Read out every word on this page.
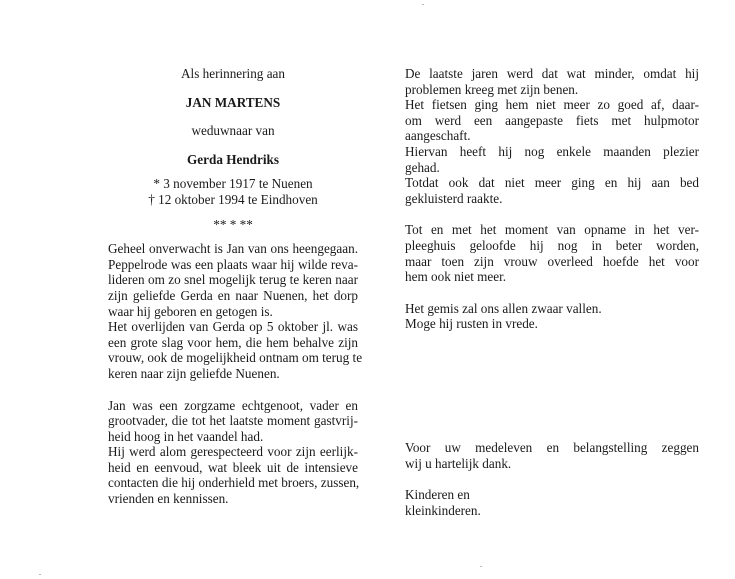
Als herinnering aan
JAN MARTENS
weduwnaar van
Gerda Hendriks
* 3 november 1917 te Nuenen
† 12 oktober 1994 te Eindhoven
** * **
Geheel onverwacht is Jan van ons heengegaan.
Peppelrode was een plaats waar hij wilde reva-
lideren om zo snel mogelijk terug te keren naar
zijn geliefde Gerda en naar Nuenen, het dorp
waar hij geboren en getogen is.
Het overlijden van Gerda op 5 oktober jl. was
een grote slag voor hem, die hem behalve zijn
vrouw, ook de mogelijkheid ontnam om terug te
keren naar zijn geliefde Nuenen.
Jan was een zorgzame echtgenoot, vader en
grootvader, die tot het laatste moment gastvrij-
heid hoog in het vaandel had.
Hij werd alom gerespecteerd voor zijn eerlijk-
heid en eenvoud, wat bleek uit de intensieve
contacten die hij onderhield met broers, zussen,
vrienden en kennissen.
De laatste jaren werd dat wat minder, omdat hij
problemen kreeg met zijn benen.
Het fietsen ging hem niet meer zo goed af, daar-
om werd een aangepaste fiets met hulpmotor
aangeschaft.
Hiervan heeft hij nog enkele maanden plezier
gehad.
Totdat ook dat niet meer ging en hij aan bed
gekluisterd raakte.
Tot en met het moment van opname in het ver-
pleeghuis geloofde hij nog in beter worden,
maar toen zijn vrouw overleed hoefde het voor
hem ook niet meer.
Het gemis zal ons allen zwaar vallen.
Moge hij rusten in vrede.
Voor uw medeleven en belangstelling zeggen
wij u hartelijk dank.
Kinderen en
kleinkinderen.
